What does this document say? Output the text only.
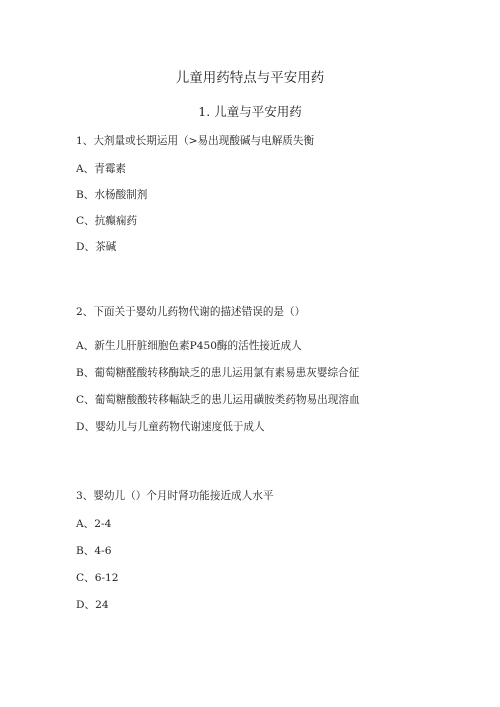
儿童用药特点与平安用药
1. 儿童与平安用药
1、大剂量或长期运用（>易出现酸碱与电解质失衡
A、青霉素
B、水杨酸制剂
C、抗癫痫药
D、茶碱
2、下面关于婴幼儿药物代谢的描述错误的是（）
A、新生儿肝脏细胞色素P450酶的活性接近成人
B、葡萄糖醛酸转移酶缺乏的患儿运用氯有素易患灰婴综合征
C、葡萄糖酸酸转移輻缺乏的患儿运用磺胺类药物易出现溶血
D、婴幼儿与儿童药物代谢速度低于成人
3、婴幼儿（）个月时肾功能接近成人水平
A、2-4
B、4-6
C、6-12
D、24
